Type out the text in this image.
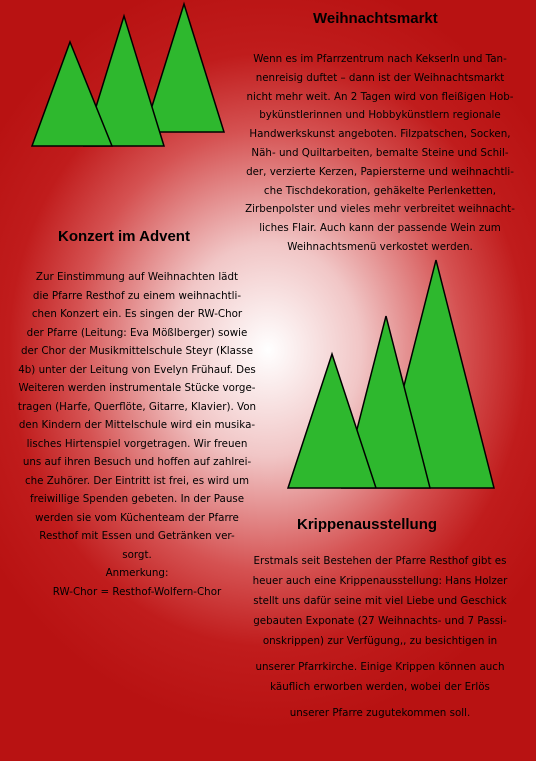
Weihnachtsmarkt
Wenn es im Pfarrzentrum nach Kekserln und Tan-
nenreisig duftet – dann ist der Weihnachtsmarkt
nicht mehr weit. An 2 Tagen wird von fleißigen Hob-
bykünstlerinnen und Hobbykünstlern regionale
Handwerkskunst angeboten. Filzpatschen, Socken,
Näh- und Quiltarbeiten, bemalte Steine und Schil-
der, verzierte Kerzen, Papiersterne und weihnachtli-
che Tischdekoration, gehäkelte Perlenketten,
Zirbenpolster und vieles mehr verbreitet weihnacht-
liches Flair. Auch kann der passende Wein zum
Weihnachtsmenü verkostet werden.
Konzert im Advent
Zur Einstimmung auf Weihnachten lädt
die Pfarre Resthof zu einem weihnachtli-
chen Konzert ein. Es singen der RW-Chor
der Pfarre (Leitung: Eva Mößlberger) sowie
der Chor der Musikmittelschule Steyr (Klasse
4b) unter der Leitung von Evelyn Frühauf. Des
Weiteren werden instrumentale Stücke vorge-
tragen (Harfe, Querflöte, Gitarre, Klavier). Von
den Kindern der Mittelschule wird ein musika-
lisches Hirtenspiel vorgetragen. Wir freuen
uns auf ihren Besuch und hoffen auf zahlrei-
che Zuhörer. Der Eintritt ist frei, es wird um
freiwillige Spenden gebeten. In der Pause
werden sie vom Küchenteam der Pfarre
Resthof mit Essen und Getränken ver-
sorgt.
Anmerkung:
RW-Chor = Resthof-Wolfern-Chor
Krippenausstellung
Erstmals seit Bestehen der Pfarre Resthof gibt es
heuer auch eine Krippenausstellung: Hans Holzer
stellt uns dafür seine mit viel Liebe und Geschick
gebauten Exponate (27 Weihnachts- und 7 Passi-
onskrippen) zur Verfügung,, zu besichtigen in
unserer Pfarrkirche. Einige Krippen können auch
käuflich erworben werden, wobei der Erlös
unserer Pfarre zugutekommen soll.
